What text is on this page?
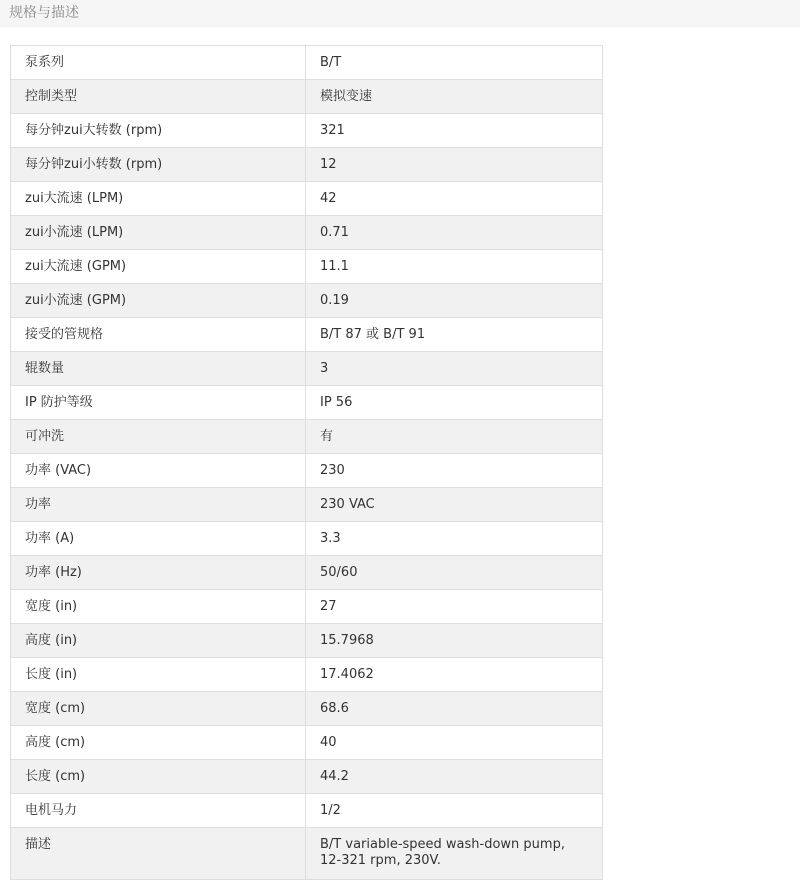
规格与描述
泵系列	B/T
控制类型	模拟变速
每分钟zui大转数 (rpm)	321
每分钟zui小转数 (rpm)	12
zui大流速 (LPM)	42
zui小流速 (LPM)	0.71
zui大流速 (GPM)	11.1
zui小流速 (GPM)	0.19
接受的管规格	B/T 87 或 B/T 91
辊数量	3
IP 防护等级	IP 56
可冲洗	有
功率 (VAC)	230
功率	230 VAC
功率 (A)	3.3
功率 (Hz)	50/60
宽度 (in)	27
高度 (in)	15.7968
长度 (in)	17.4062
宽度 (cm)	68.6
高度 (cm)	40
长度 (cm)	44.2
电机马力	1/2
描述	B/T variable-speed wash-down pump, 12-321 rpm, 230V.
